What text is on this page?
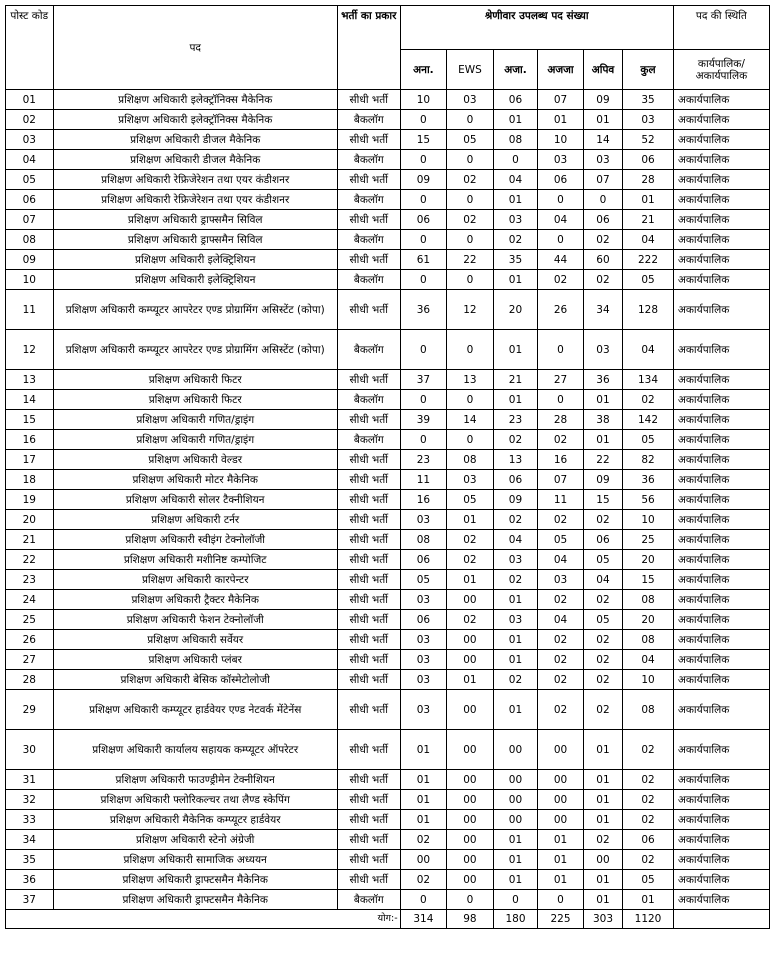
पोस्ट कोड	पद	भर्ती का प्रकार	श्रेणीवार उपलब्ध पद संख्या						पद की स्थिति
			अना.	EWS	अजा.	अजजा	अपिव	कुल	कार्यपालिक/ अकार्यपालिक
01	प्रशिक्षण अधिकारी इलेक्ट्रॉनिक्स मैकेनिक	सीधी भर्ती	10	03	06	07	09	35	अकार्यपालिक
02	प्रशिक्षण अधिकारी इलेक्ट्रॉनिक्स मैकेनिक	बैकलॉग	0	0	01	01	01	03	अकार्यपालिक
03	प्रशिक्षण अधिकारी डीजल मैकेनिक	सीधी भर्ती	15	05	08	10	14	52	अकार्यपालिक
04	प्रशिक्षण अधिकारी डीजल मैकेनिक	बैकलॉग	0	0	0	03	03	06	अकार्यपालिक
05	प्रशिक्षण अधिकारी रेफ्रिजेरेशन तथा एयर कंडीशनर	सीधी भर्ती	09	02	04	06	07	28	अकार्यपालिक
06	प्रशिक्षण अधिकारी रेफ्रिजेरेशन तथा एयर कंडीशनर	बैकलॉग	0	0	01	0	0	01	अकार्यपालिक
07	प्रशिक्षण अधिकारी ड्राफ्समैन सिविल	सीधी भर्ती	06	02	03	04	06	21	अकार्यपालिक
08	प्रशिक्षण अधिकारी ड्राफ्समैन सिविल	बैकलॉग	0	0	02	0	02	04	अकार्यपालिक
09	प्रशिक्षण अधिकारी इलेक्ट्रिशियन	सीधी भर्ती	61	22	35	44	60	222	अकार्यपालिक
10	प्रशिक्षण अधिकारी इलेक्ट्रिशियन	बैकलॉग	0	0	01	02	02	05	अकार्यपालिक
11	प्रशिक्षण अधिकारी कम्प्यूटर आपरेटर एण्ड प्रोग्रामिंग असिस्टेंट (कोपा)	सीधी भर्ती	36	12	20	26	34	128	अकार्यपालिक
12	प्रशिक्षण अधिकारी कम्प्यूटर आपरेटर एण्ड प्रोग्रामिंग असिस्टेंट (कोपा)	बैकलॉग	0	0	01	0	03	04	अकार्यपालिक
13	प्रशिक्षण अधिकारी फिटर	सीधी भर्ती	37	13	21	27	36	134	अकार्यपालिक
14	प्रशिक्षण अधिकारी फिटर	बैकलॉग	0	0	01	0	01	02	अकार्यपालिक
15	प्रशिक्षण अधिकारी गणित/ड्राइंग	सीधी भर्ती	39	14	23	28	38	142	अकार्यपालिक
16	प्रशिक्षण अधिकारी गणित/ड्राइंग	बैकलॉग	0	0	02	02	01	05	अकार्यपालिक
17	प्रशिक्षण अधिकारी वेल्डर	सीधी भर्ती	23	08	13	16	22	82	अकार्यपालिक
18	प्रशिक्षण अधिकारी मोटर मैकेनिक	सीधी भर्ती	11	03	06	07	09	36	अकार्यपालिक
19	प्रशिक्षण अधिकारी सोलर टैक्नीशियन	सीधी भर्ती	16	05	09	11	15	56	अकार्यपालिक
20	प्रशिक्षण अधिकारी टर्नर	सीधी भर्ती	03	01	02	02	02	10	अकार्यपालिक
21	प्रशिक्षण अधिकारी स्वीइंग टेक्नोलॉजी	सीधी भर्ती	08	02	04	05	06	25	अकार्यपालिक
22	प्रशिक्षण अधिकारी मशीनिष्ट कम्पोजिट	सीधी भर्ती	06	02	03	04	05	20	अकार्यपालिक
23	प्रशिक्षण अधिकारी कारपेन्टर	सीधी भर्ती	05	01	02	03	04	15	अकार्यपालिक
24	प्रशिक्षण अधिकारी ट्रैक्टर मैकेनिक	सीधी भर्ती	03	00	01	02	02	08	अकार्यपालिक
25	प्रशिक्षण अधिकारी फेशन टेक्नोलॉजी	सीधी भर्ती	06	02	03	04	05	20	अकार्यपालिक
26	प्रशिक्षण अधिकारी सर्वेयर	सीधी भर्ती	03	00	01	02	02	08	अकार्यपालिक
27	प्रशिक्षण अधिकारी प्लंबर	सीधी भर्ती	03	00	01	02	02	04	अकार्यपालिक
28	प्रशिक्षण अधिकारी बेसिक कॉस्मेटोलोजी	सीधी भर्ती	03	01	02	02	02	10	अकार्यपालिक
29	प्रशिक्षण अधिकारी कम्प्यूटर हार्डवेयर एण्ड नेटवर्क मेंटेनेंस	सीधी भर्ती	03	00	01	02	02	08	अकार्यपालिक
30	प्रशिक्षण अधिकारी कार्यालय सहायक कम्प्यूटर ऑपरेटर	सीधी भर्ती	01	00	00	00	01	02	अकार्यपालिक
31	प्रशिक्षण अधिकारी फाउण्ड्रीमेन टेक्नीशियन	सीधी भर्ती	01	00	00	00	01	02	अकार्यपालिक
32	प्रशिक्षण अधिकारी फ्लोरिकल्चर तथा लैण्ड स्केपिंग	सीधी भर्ती	01	00	00	00	01	02	अकार्यपालिक
33	प्रशिक्षण अधिकारी मैकेनिक कम्प्यूटर हार्डवेयर	सीधी भर्ती	01	00	00	00	01	02	अकार्यपालिक
34	प्रशिक्षण अधिकारी स्टेनो अंग्रेजी	सीधी भर्ती	02	00	01	01	02	06	अकार्यपालिक
35	प्रशिक्षण अधिकारी सामाजिक अध्ययन	सीधी भर्ती	00	00	01	01	00	02	अकार्यपालिक
36	प्रशिक्षण अधिकारी ड्राफ्टसमैन मैकेनिक	सीधी भर्ती	02	00	01	01	01	05	अकार्यपालिक
37	प्रशिक्षण अधिकारी ड्राफ्टसमैन मैकेनिक	बैकलॉग	0	0	0	0	01	01	अकार्यपालिक
	योग:-		314	98	180	225	303	1120	
